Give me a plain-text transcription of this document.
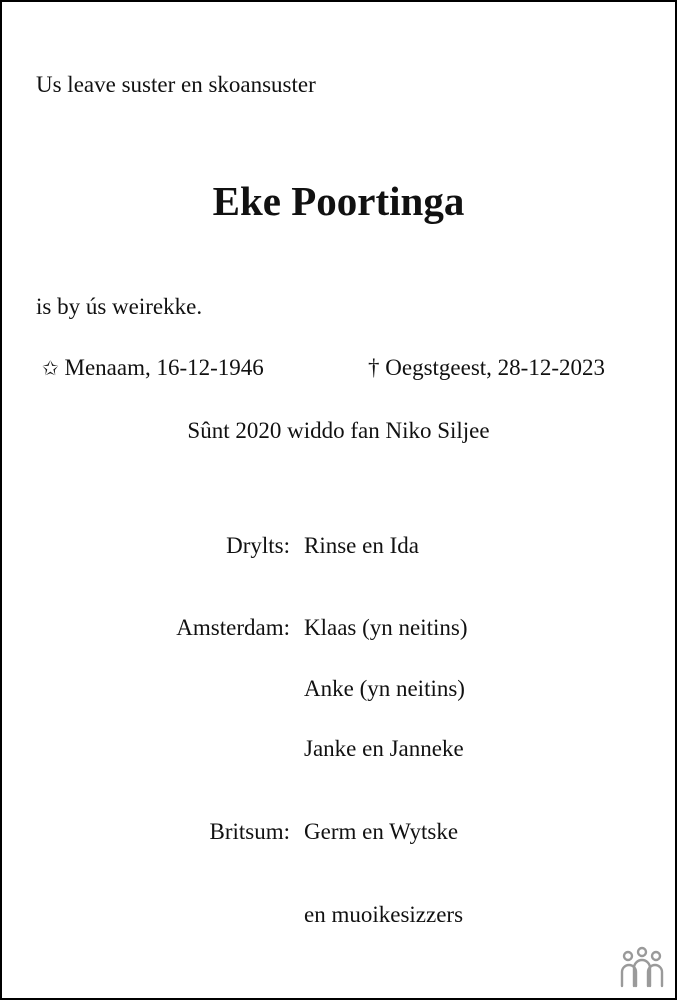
Us leave suster en skoansuster
Eke Poortinga
is by ús weirekke.
✩ Menaam, 16-12-1946	† Oegstgeest, 28-12-2023
Sûnt 2020 widdo fan Niko Siljee
Drylts: Rinse en Ida
Amsterdam: Klaas (yn neitins)
Anke (yn neitins)
Janke en Janneke
Britsum: Germ en Wytske
en muoikesizzers
